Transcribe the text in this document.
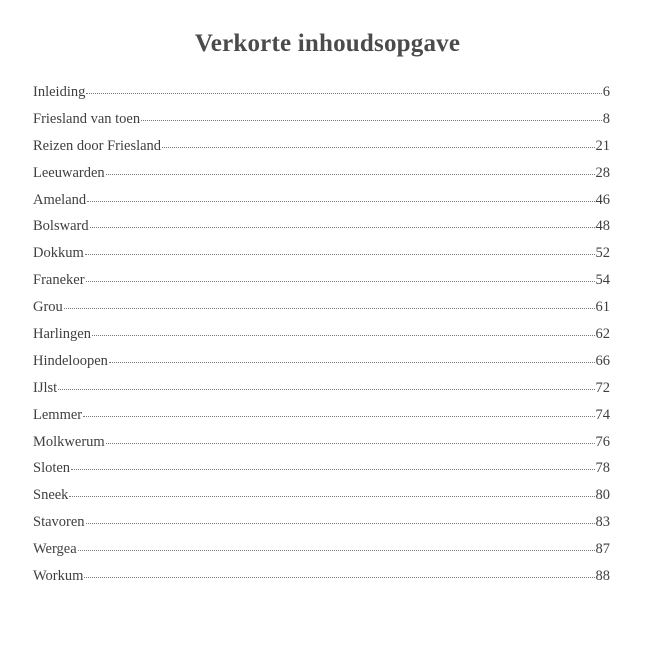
Verkorte inhoudsopgave
Inleiding	6
Friesland van toen	8
Reizen door Friesland	21
Leeuwarden	28
Ameland	46
Bolsward	48
Dokkum	52
Franeker	54
Grou	61
Harlingen	62
Hindeloopen	66
IJlst	72
Lemmer	74
Molkwerum	76
Sloten	78
Sneek	80
Stavoren	83
Wergea	87
Workum	88
